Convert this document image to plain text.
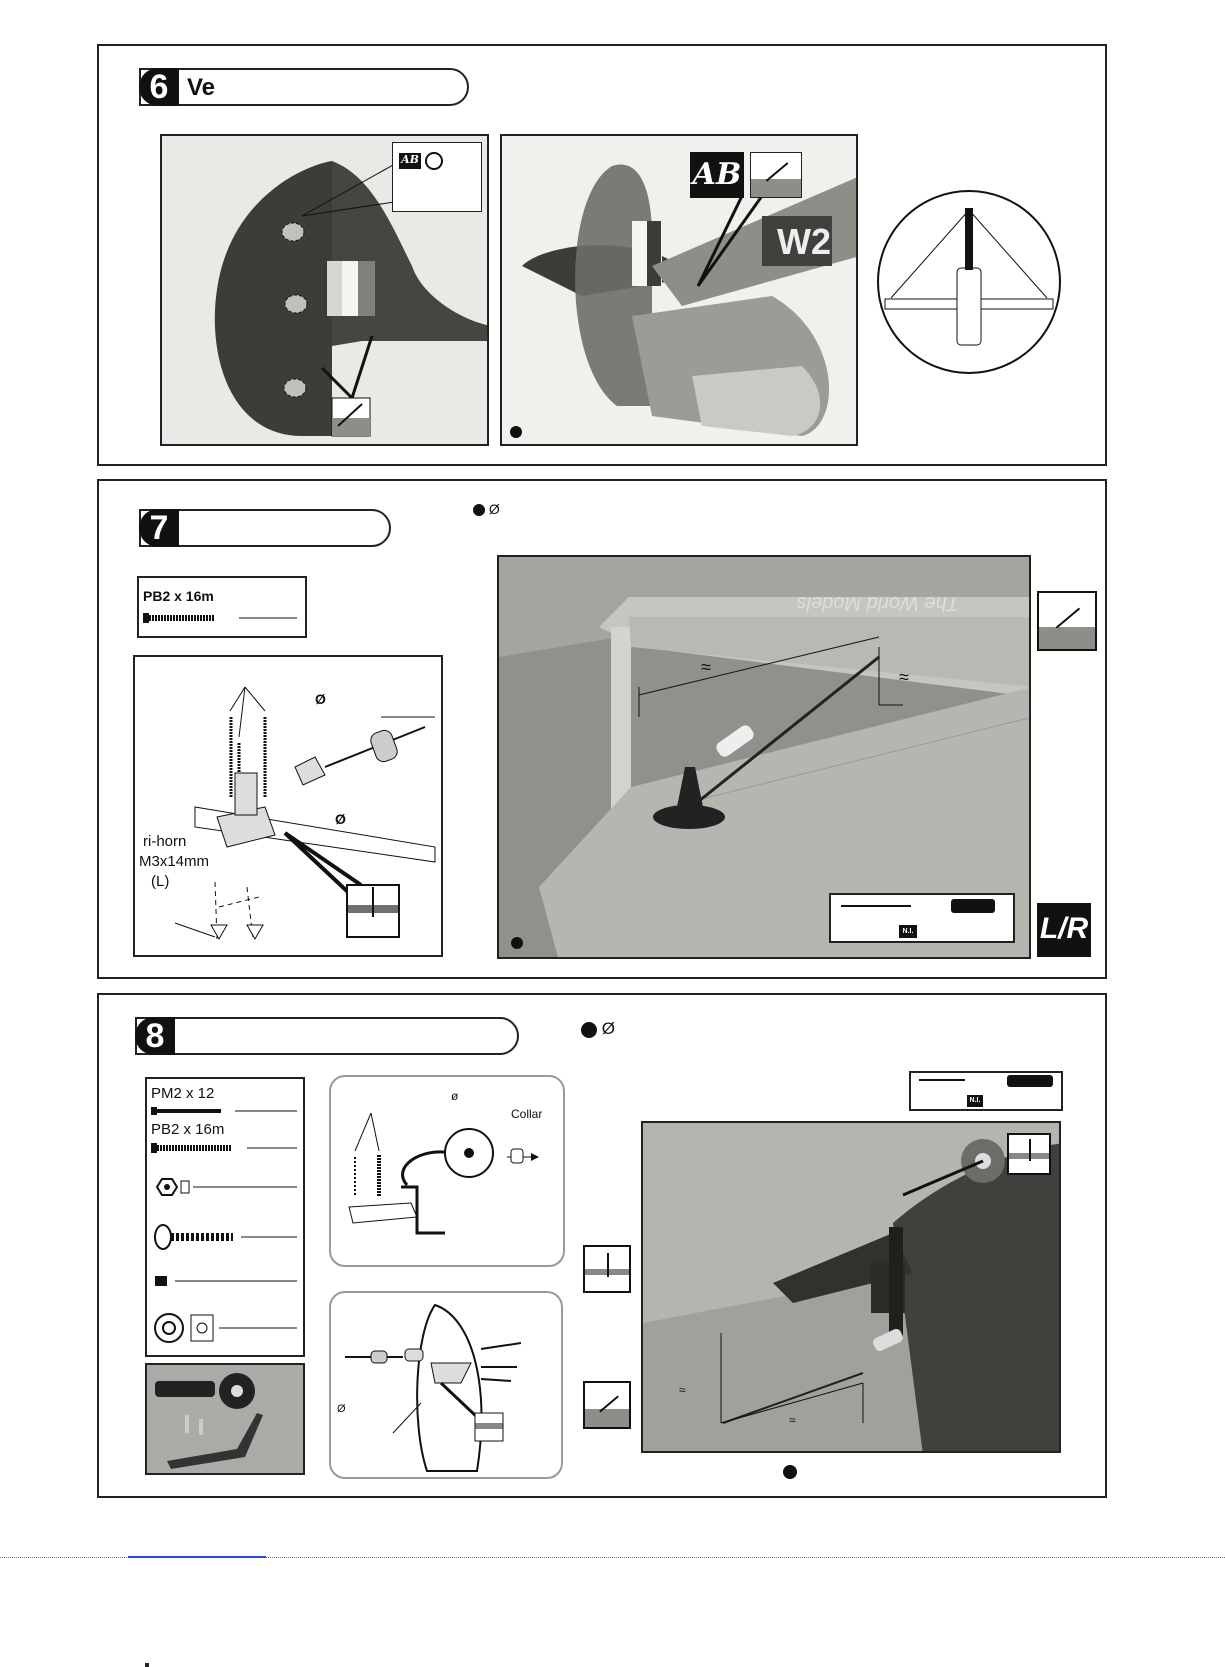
6 Ve
AB
W2
AB
7	Ø
PB2 x 16m
ri-horn
M3x14mm
(L)
Ø
Ø
The World Models
≈	≈
N.I.	L/R
8	Ø
PM2 x 12
PB2 x 16m
Collar
ø
Ø
N.I.
≈
≈
